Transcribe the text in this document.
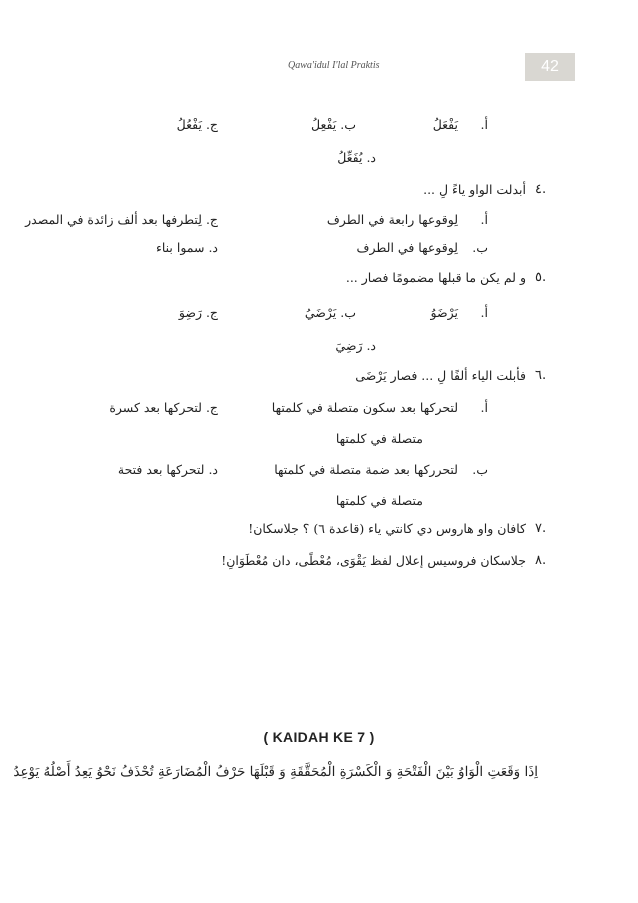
Qawa'idul I'lal Praktis	42
أ.
يَفْعَلُ
ب. يَفْعِلُ
ج. يَفْعُلُ
د. يُفَعِّلُ
٤.
أبدلت الواو ياءً لِ ...
أ.
لِوقوعها رابعة في الطرف
ج. لِتطرفها بعد ألف زائدة في المصدر
ب.
لِوقوعها في الطرف
د. سموا بناء
٥.
و لم يكن ما قبلها مضمومًا فصار ...
أ.
يَرْضَوُ
ب. يَرْضَيُ
ج. رَضِوَ
د. رَضِيَ
٦.
فأبلت الياء ألفًا لِ ... فصار يَرْضَى
أ.
لتحركها بعد سكون متصلة في كلمتها
ج. لتحركها بعد كسرة
متصلة في كلمتها
ب.
لتحرركها بعد ضمة متصلة في كلمتها
د. لتحركها بعد فتحة
متصلة في كلمتها
٧.
كافان واو هاروس دي كانتي ياء (قاعدة ٦) ؟ جلاسكان!
٨.
جلاسكان فروسيس إعلال لفظ يَقْوَى، مُعْطًى، دان مُعْطَوَانِ!
( KAIDAH KE 7 )
اِذَا وَقَعَتِ الْوَاوُ بَيْنَ الْفَتْحَةِ وَ الْكَسْرَةِ الْمُحَقَّقَةِ وَ قَبْلَهَا حَرْفُ الْمُضَارَعَةِ تُحْذَفُ نَحْوُ يَعِدُ أَصْلُهُ يَوْعِدُ
